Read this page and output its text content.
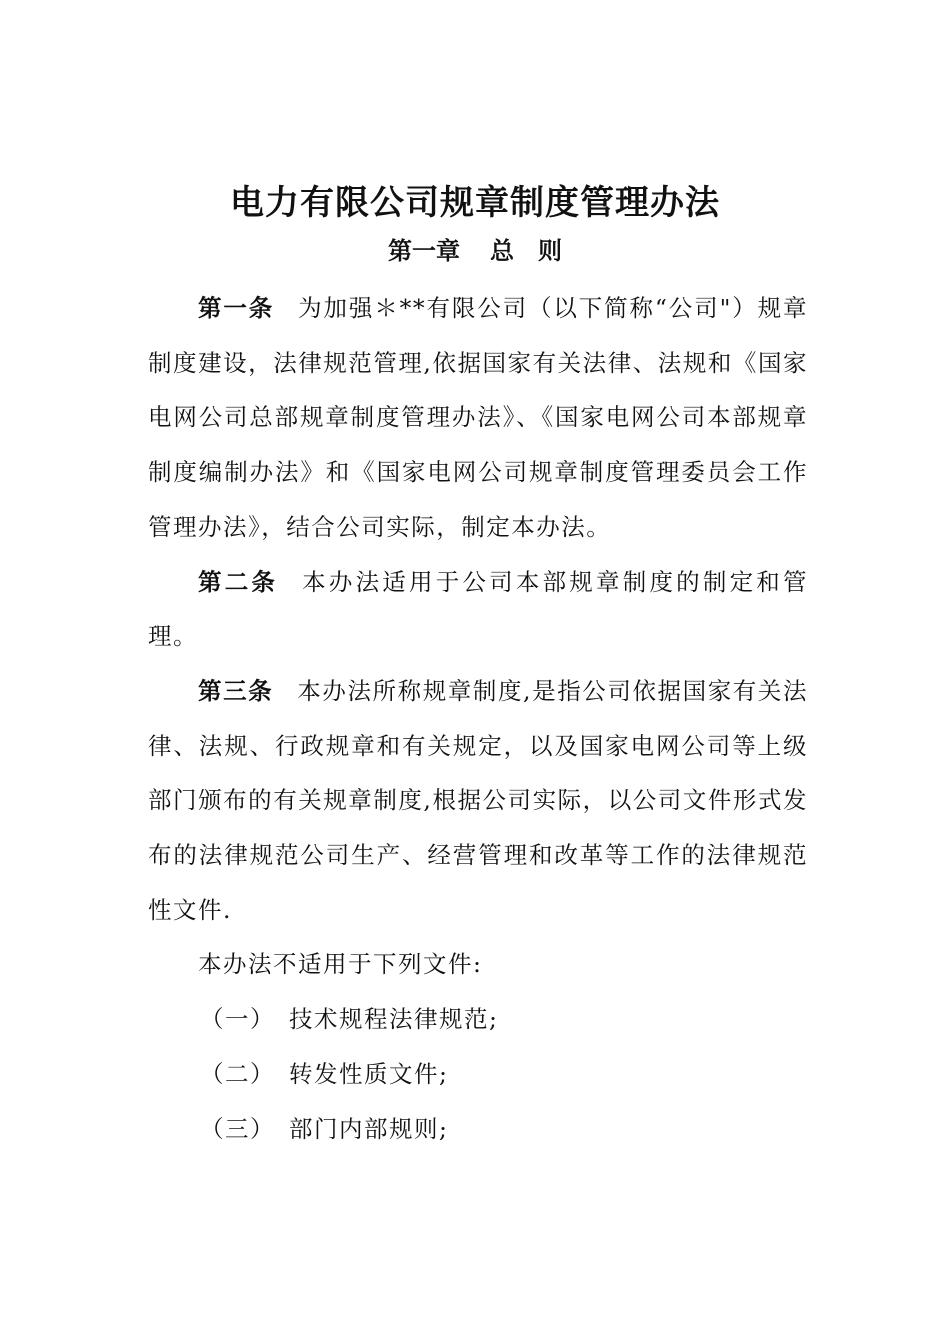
电力有限公司规章制度管理办法
第一章 总　则

第一条 为加强＊**有限公司（以下简称“公司"）规章制度建设，法律规范管理,依据国家有关法律、法规和《国家电网公司总部规章制度管理办法》、《国家电网公司本部规章制度编制办法》和《国家电网公司规章制度管理委员会工作管理办法》，结合公司实际，制定本办法。

第二条 本办法适用于公司本部规章制度的制定和管理。

第三条 本办法所称规章制度,是指公司依据国家有关法律、法规、行政规章和有关规定，以及国家电网公司等上级部门颁布的有关规章制度,根据公司实际，以公司文件形式发布的法律规范公司生产、经营管理和改革等工作的法律规范性文件.

本办法不适用于下列文件:

（一） 技术规程法律规范;

（二） 转发性质文件;

（三） 部门内部规则;
